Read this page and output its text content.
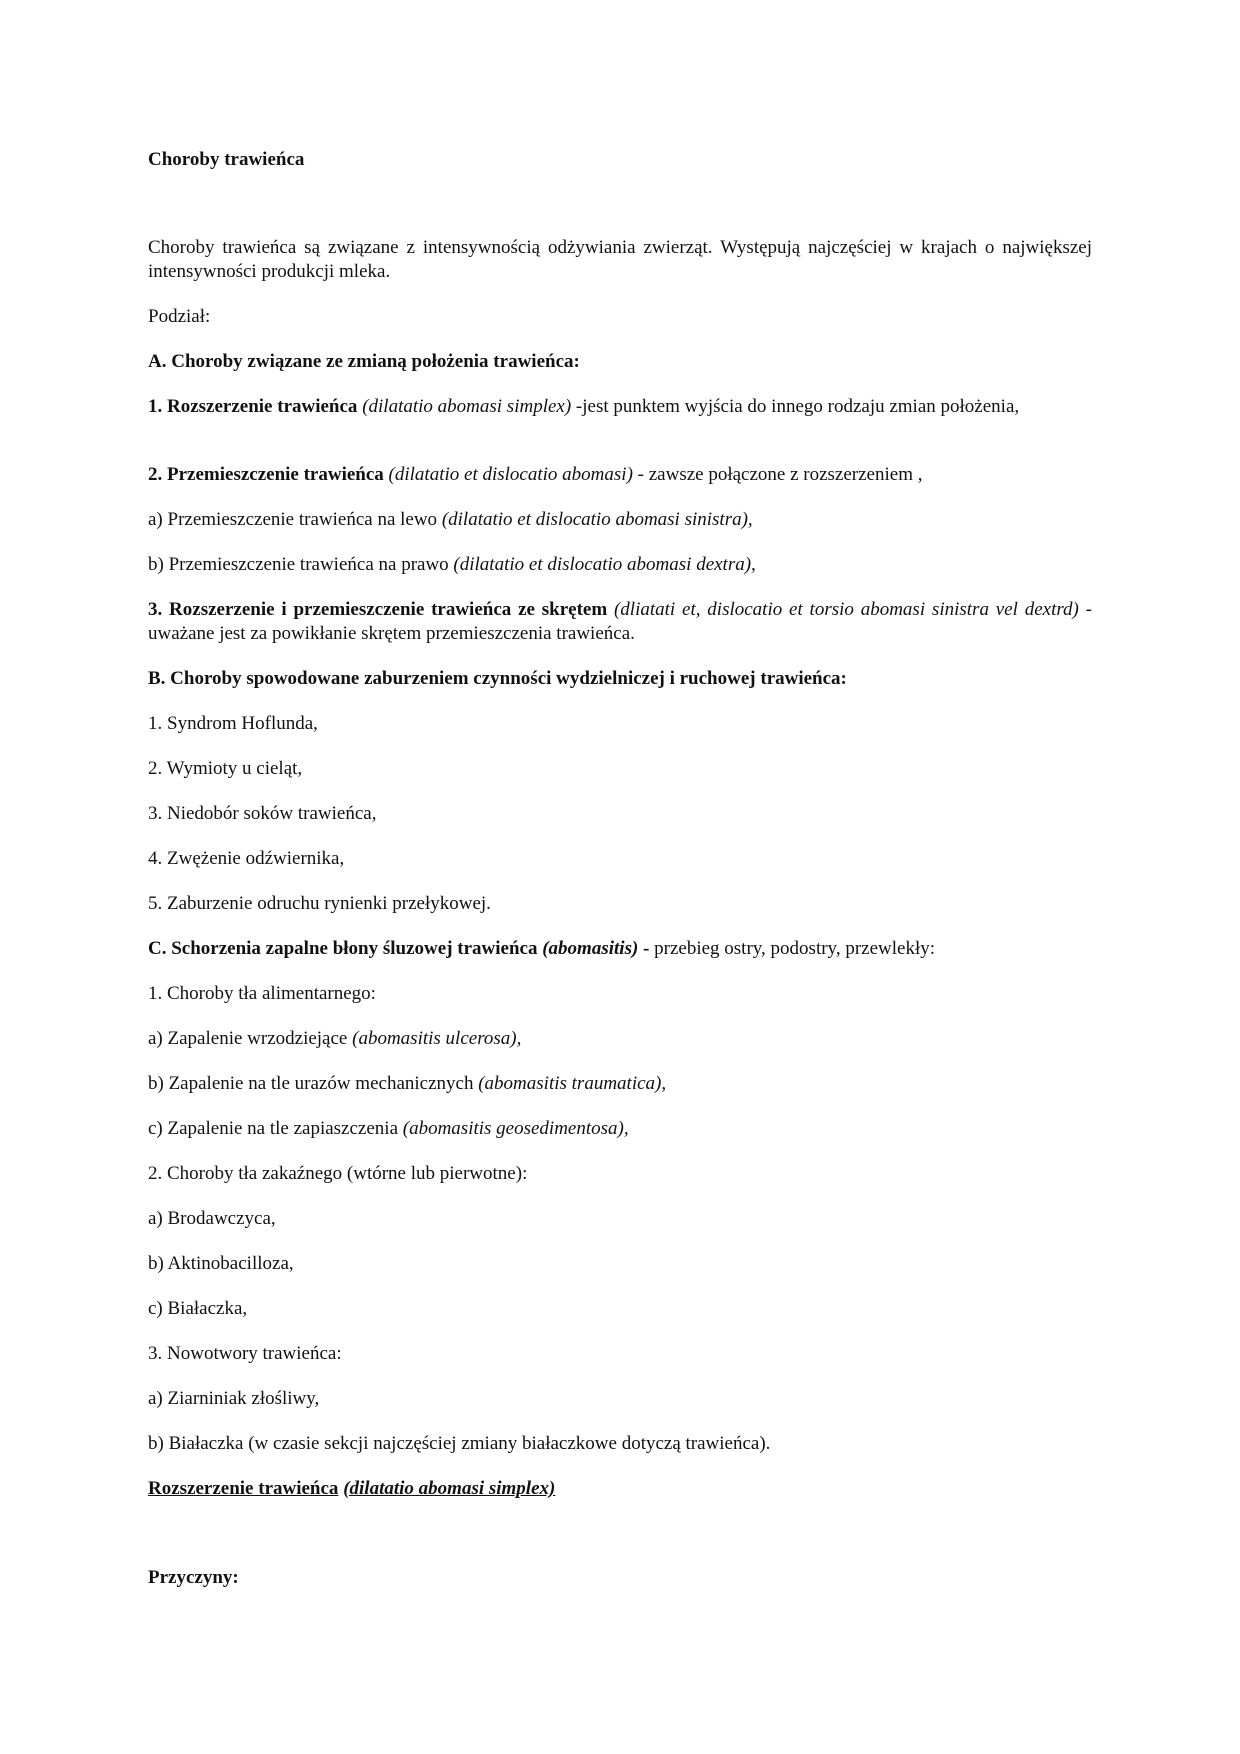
Choroby trawieńca
Choroby trawieńca są związane z intensywnością odżywiania zwierząt. Występują najczęściej w krajach o największej intensywności produkcji mleka.
Podział:
A. Choroby związane ze zmianą położenia trawieńca:
1. Rozszerzenie trawieńca (dilatatio abomasi simplex) -jest punktem wyjścia do innego rodzaju zmian położenia,
2. Przemieszczenie trawieńca (dilatatio et dislocatio abomasi) - zawsze połączone z rozszerzeniem ,
a) Przemieszczenie trawieńca na lewo (dilatatio et dislocatio abomasi sinistra),
b) Przemieszczenie trawieńca na prawo (dilatatio et dislocatio abomasi dextra),
3. Rozszerzenie i przemieszczenie trawieńca ze skrętem (dliatati et, dislocatio et torsio abomasi sinistra vel dextrd) - uważane jest za powikłanie skrętem przemieszczenia trawieńca.
B. Choroby spowodowane zaburzeniem czynności wydzielniczej i ruchowej trawieńca:
1. Syndrom Hoflunda,
2. Wymioty u cieląt,
3. Niedobór soków trawieńca,
4. Zwężenie odźwiernika,
5. Zaburzenie odruchu rynienki przełykowej.
C. Schorzenia zapalne błony śluzowej trawieńca (abomasitis) - przebieg ostry, podostry, przewlekły:
1. Choroby tła alimentarnego:
a) Zapalenie wrzodziejące (abomasitis ulcerosa),
b) Zapalenie na tle urazów mechanicznych (abomasitis traumatica),
c) Zapalenie na tle zapiaszczenia (abomasitis geosedimentosa),
2. Choroby tła zakaźnego (wtórne lub pierwotne):
a) Brodawczyca,
b) Aktinobacilloza,
c) Białaczka,
3. Nowotwory trawieńca:
a) Ziarniniak złośliwy,
b) Białaczka (w czasie sekcji najczęściej zmiany białaczkowe dotyczą trawieńca).
Rozszerzenie trawieńca (dilatatio abomasi simplex)
Przyczyny:
